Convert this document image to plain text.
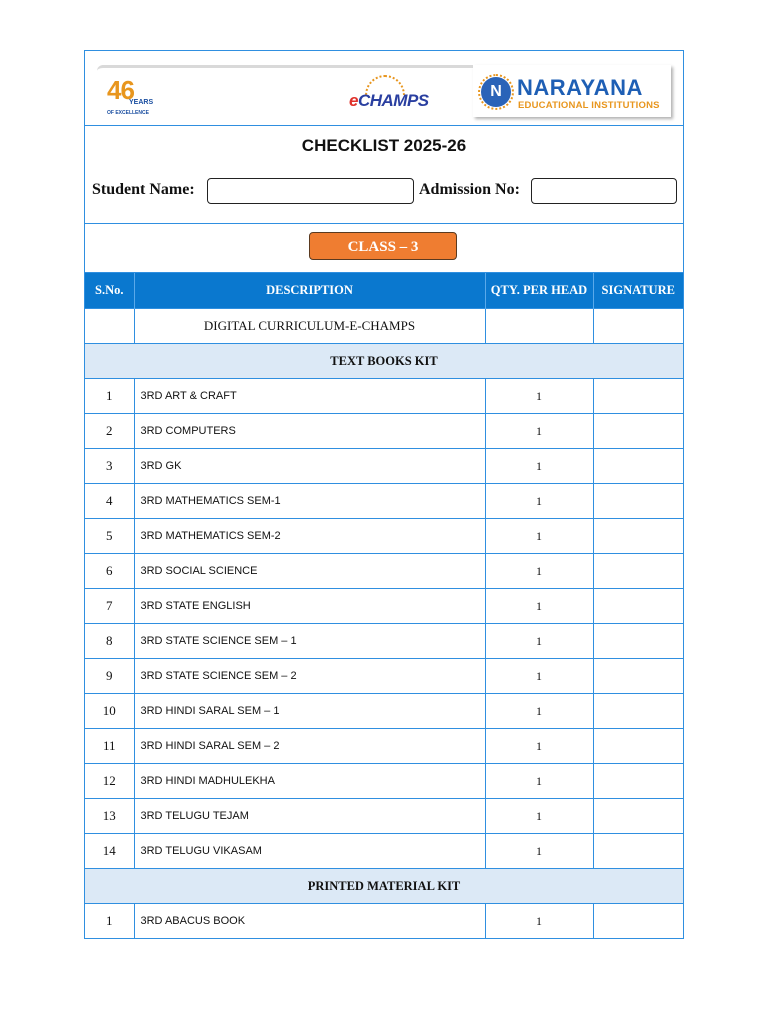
46
YEARS
OF EXCELLENCE
eCHAMPS	N NARAYANA
EDUCATIONAL INSTITUTIONS
CHECKLIST 2025-26
Student Name:	Admission No:
CLASS – 3
S.No.	DESCRIPTION	QTY. PER HEAD	SIGNATURE
	DIGITAL CURRICULUM-E-CHAMPS		
TEXT BOOKS KIT			
1	3RD ART & CRAFT	1	
2	3RD COMPUTERS	1	
3	3RD GK	1	
4	3RD MATHEMATICS SEM-1	1	
5	3RD MATHEMATICS SEM-2	1	
6	3RD SOCIAL SCIENCE	1	
7	3RD STATE ENGLISH	1	
8	3RD STATE SCIENCE SEM – 1	1	
9	3RD STATE SCIENCE SEM – 2	1	
10	3RD HINDI SARAL SEM – 1	1	
11	3RD HINDI SARAL SEM – 2	1	
12	3RD HINDI MADHULEKHA	1	
13	3RD TELUGU TEJAM	1	
14	3RD TELUGU VIKASAM	1	
PRINTED MATERIAL KIT			
1	3RD ABACUS BOOK	1	
